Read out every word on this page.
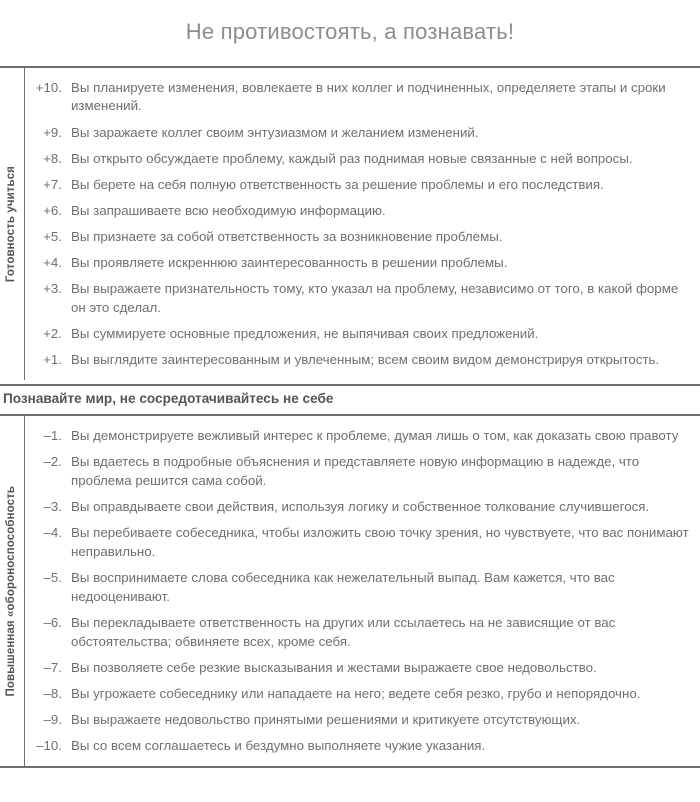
Не противостоять, а познавать!
Готовность учиться
+10. Вы планируете изменения, вовлекаете в них коллег и подчиненных, определяете этапы и сроки изменений.
+9. Вы заражаете коллег своим энтузиазмом и желанием изменений.
+8. Вы открыто обсуждаете проблему, каждый раз поднимая новые связанные с ней вопросы.
+7. Вы берете на себя полную ответственность за решение проблемы и его последствия.
+6. Вы запрашиваете всю необходимую информацию.
+5. Вы признаете за собой ответственность за возникновение проблемы.
+4. Вы проявляете искреннюю заинтересованность в решении проблемы.
+3. Вы выражаете признательность тому, кто указал на проблему, независимо от того, в какой форме он это сделал.
+2. Вы суммируете основные предложения, не выпячивая своих предложений.
+1. Вы выглядите заинтересованным и увлеченным; всем своим видом демонстрируя открытость.
Познавайте мир, не сосредотачивайтесь не себе
Повышенная «обороноспособность
–1. Вы демонстрируете вежливый интерес к проблеме, думая лишь о том, как доказать свою правоту
–2. Вы вдаетесь в подробные объяснения и представляете новую информацию в надежде, что проблема решится сама собой.
–3. Вы оправдываете свои действия, используя логику и собственное толкование случившегося.
–4. Вы перебиваете собеседника, чтобы изложить свою точку зрения, но чувствуете, что вас понимают неправильно.
–5. Вы воспринимаете слова собеседника как нежелательный выпад. Вам кажется, что вас недооценивают.
–6. Вы перекладываете ответственность на других или ссылаетесь на не зависящие от вас обстоятельства; обвиняете всех, кроме себя.
–7. Вы позволяете себе резкие высказывания и жестами выражаете свое недовольство.
–8. Вы угрожаете собеседнику или нападаете на него; ведете себя резко, грубо и непорядочно.
–9. Вы выражаете недовольство принятыми решениями и критикуете отсутствующих.
–10. Вы со всем соглашаетесь и бездумно выполняете чужие указания.
